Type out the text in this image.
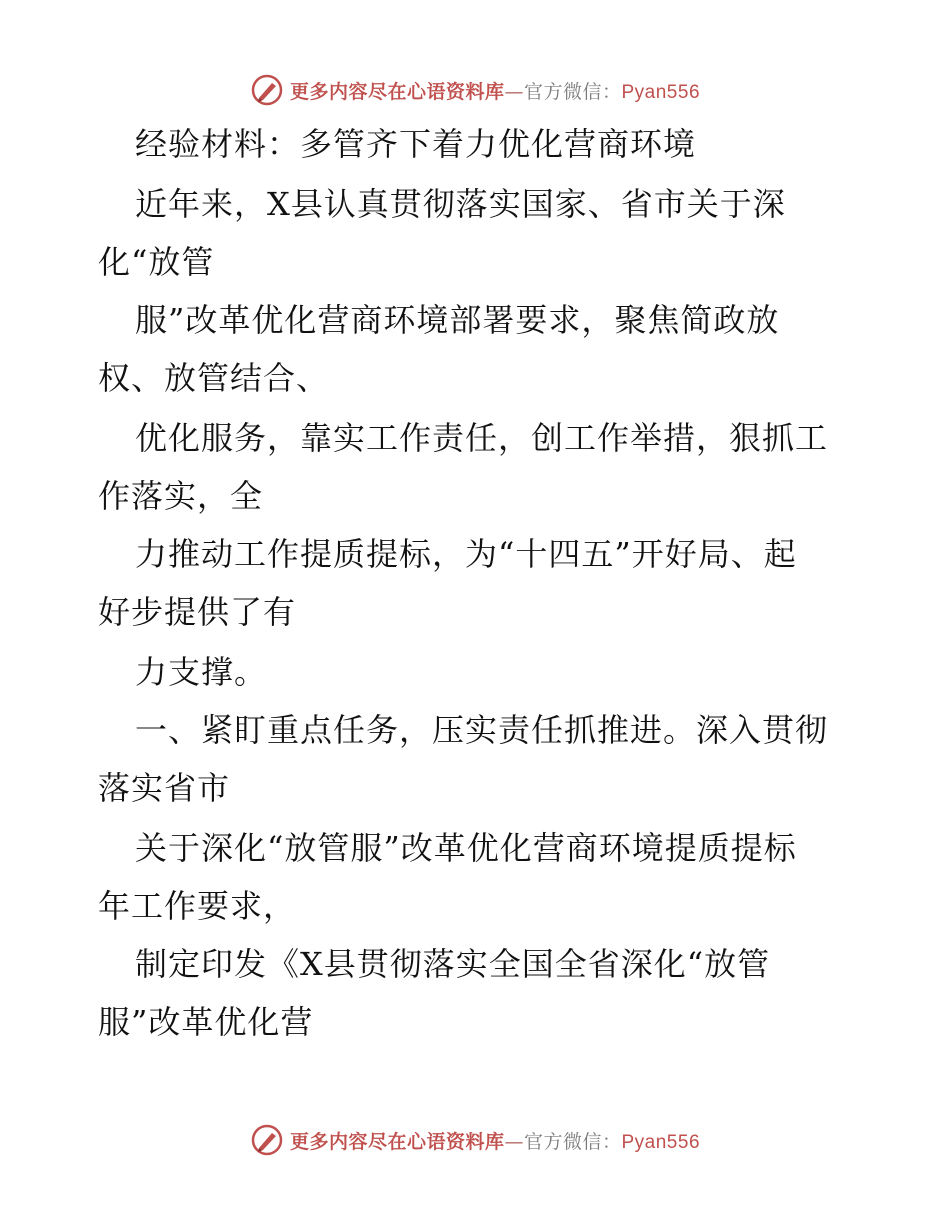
更多内容尽在心语资料库—官方微信：Pyan556
经验材料：多管齐下着力优化营商环境
近年来，X县认真贯彻落实国家、省市关于深
化“放管
服”改革优化营商环境部署要求，聚焦简政放
权、放管结合、
优化服务，靠实工作责任，创工作举措，狠抓工
作落实，全
力推动工作提质提标，为“十四五”开好局、起
好步提供了有
力支撑。
一、紧盯重点任务，压实责任抓推进。深入贯彻
落实省市
关于深化“放管服”改革优化营商环境提质提标
年工作要求，
制定印发《X县贯彻落实全国全省深化“放管
服”改革优化营
更多内容尽在心语资料库—官方微信：Pyan556
